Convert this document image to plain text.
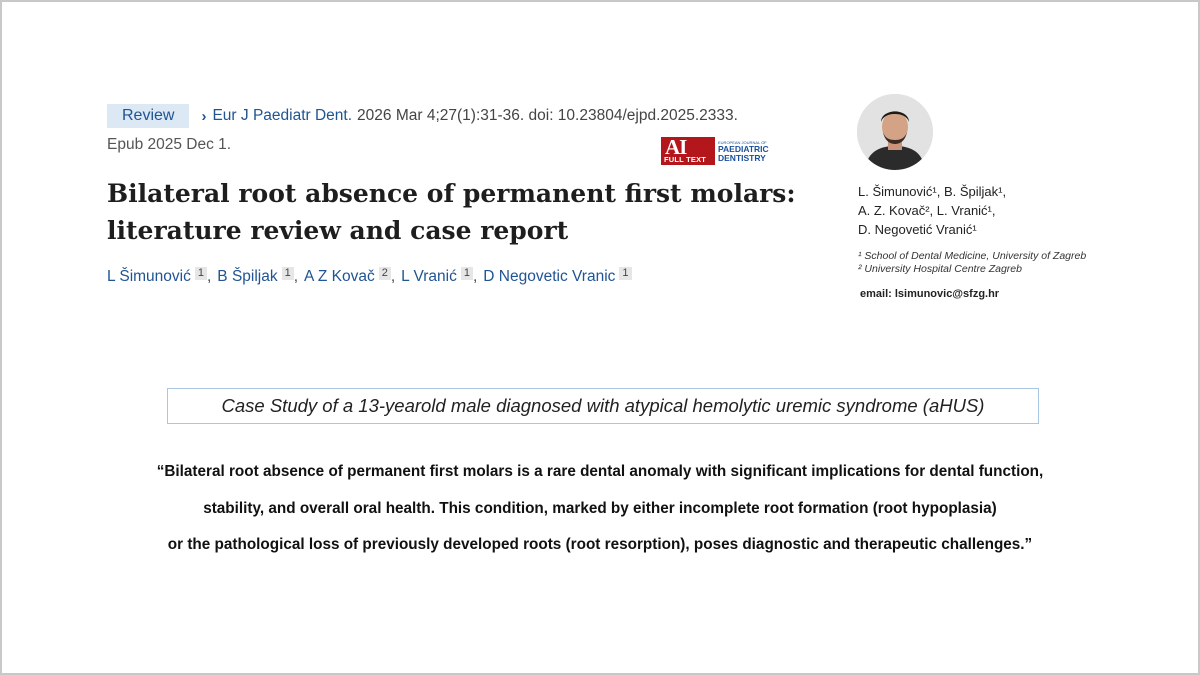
Review	› Eur J Paediatr Dent. 2026 Mar 4;27(1):31-36. doi: 10.23804/ejpd.2025.2333.
Epub 2025 Dec 1.	AI
FULL TEXT
EUROPEAN JOURNAL OF
PAEDIATRIC
DENTISTRY
Bilateral root absence of permanent first molars: literature review and case report
L Šimunović 1 , B Špiljak 1 , A Z Kovač 2 , L Vranić 1 , D Negovetic Vranic 1
L. Šimunović¹, B. Špiljak¹,
A. Z. Kovač², L. Vranić¹,
D. Negovetić Vranić¹
¹ School of Dental Medicine, University of Zagreb
² University Hospital Centre Zagreb
email: lsimunovic@sfzg.hr
Case Study of a 13-yearold male diagnosed with atypical hemolytic uremic syndrome (aHUS)
“Bilateral root absence of permanent first molars is a rare dental anomaly with significant implications for dental function,
stability, and overall oral health. This condition, marked by either incomplete root formation (root hypoplasia)
or the pathological loss of previously developed roots (root resorption), poses diagnostic and therapeutic challenges.”
